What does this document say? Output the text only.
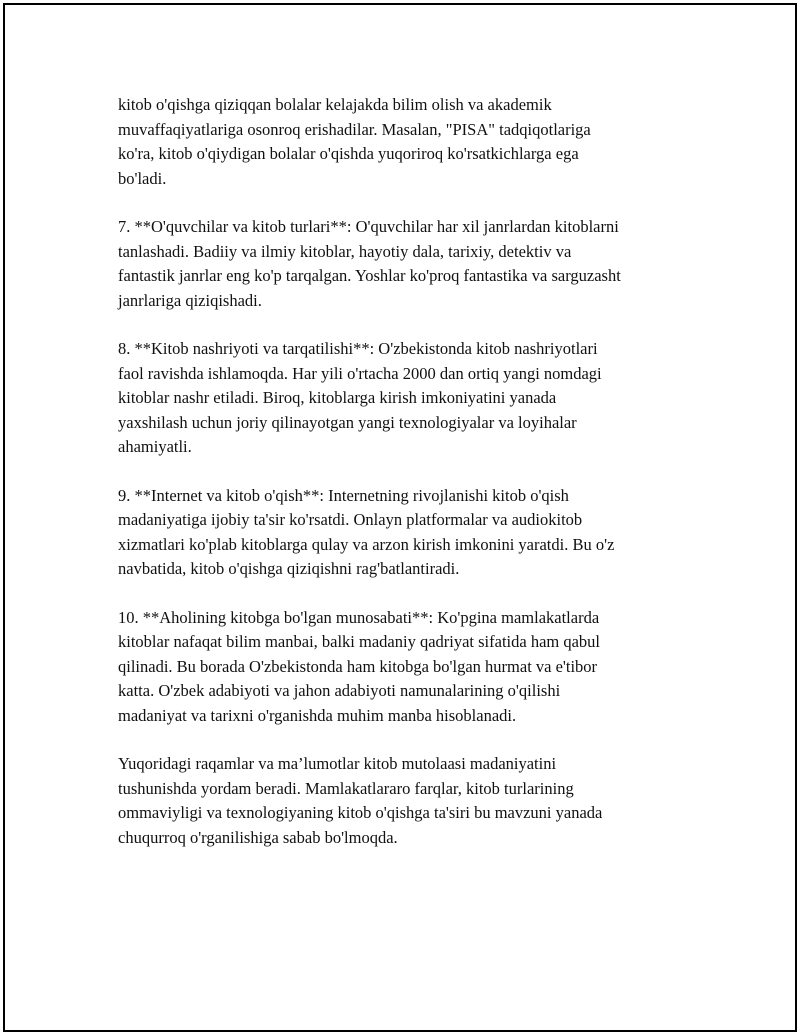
kitob o'qishga qiziqqan bolalar kelajakda bilim olish va akademik
muvaffaqiyatlariga osonroq erishadilar. Masalan, "PISA" tadqiqotlariga
ko'ra, kitob o'qiydigan bolalar o'qishda yuqoriroq ko'rsatkichlarga ega
bo'ladi.

7. **O'quvchilar va kitob turlari**: O'quvchilar har xil janrlardan kitoblarni
tanlashadi. Badiiy va ilmiy kitoblar, hayotiy dala, tarixiy, detektiv va
fantastik janrlar eng ko'p tarqalgan. Yoshlar ko'proq fantastika va sarguzasht
janrlariga qiziqishadi.

8. **Kitob nashriyoti va tarqatilishi**: O'zbekistonda kitob nashriyotlari
faol ravishda ishlamoqda. Har yili o'rtacha 2000 dan ortiq yangi nomdagi
kitoblar nashr etiladi. Biroq, kitoblarga kirish imkoniyatini yanada
yaxshilash uchun joriy qilinayotgan yangi texnologiyalar va loyihalar
ahamiyatli.

9. **Internet va kitob o'qish**: Internetning rivojlanishi kitob o'qish
madaniyatiga ijobiy ta'sir ko'rsatdi. Onlayn platformalar va audiokitob
xizmatlari ko'plab kitoblarga qulay va arzon kirish imkonini yaratdi. Bu o'z
navbatida, kitob o'qishga qiziqishni rag'batlantiradi.

10. **Aholining kitobga bo'lgan munosabati**: Ko'pgina mamlakatlarda
kitoblar nafaqat bilim manbai, balki madaniy qadriyat sifatida ham qabul
qilinadi. Bu borada O'zbekistonda ham kitobga bo'lgan hurmat va e'tibor
katta. O'zbek adabiyoti va jahon adabiyoti namunalarining o'qilishi
madaniyat va tarixni o'rganishda muhim manba hisoblanadi.

Yuqoridagi raqamlar va ma’lumotlar kitob mutolaasi madaniyatini
tushunishda yordam beradi. Mamlakatlararo farqlar, kitob turlarining
ommaviyligi va texnologiyaning kitob o'qishga ta'siri bu mavzuni yanada
chuqurroq o'rganilishiga sabab bo'lmoqda.
